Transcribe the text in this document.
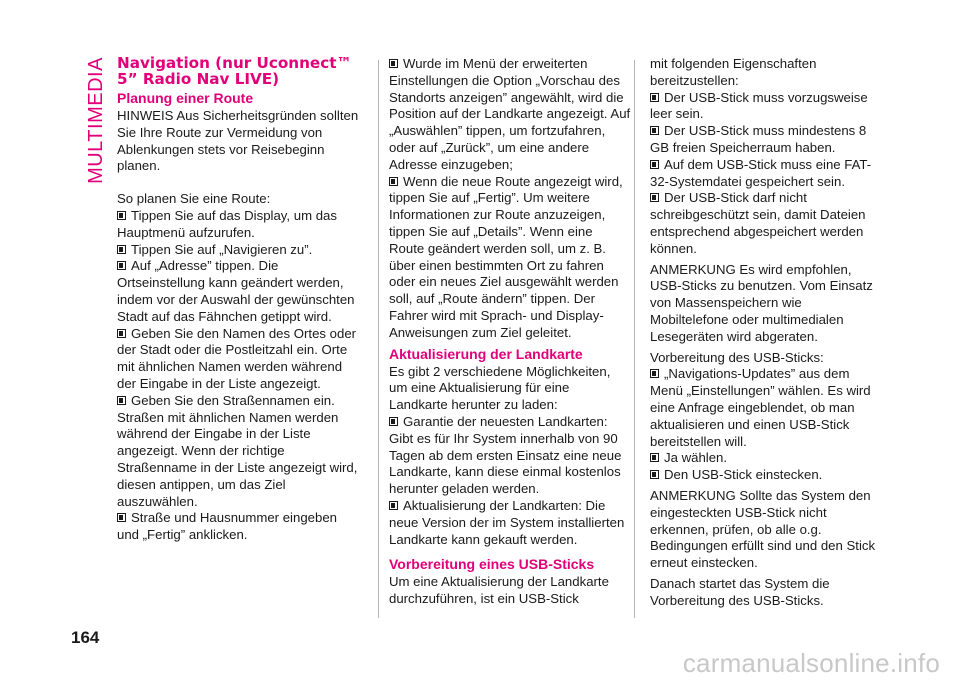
MULTIMEDIA Navigation (nur Uconnect™ 5” Radio Nav LIVE)
Planung einer Route

HINWEIS Aus Sicherheitsgründen sollten Sie Ihre Route zur Vermeidung von Ablenkungen stets vor Reisebeginn planen.

So planen Sie eine Route:

Tippen Sie auf das Display, um das Hauptmenü aufzurufen.

Tippen Sie auf „Navigieren zu”.

Auf „Adresse” tippen. Die Ortseinstellung kann geändert werden, indem vor der Auswahl der gewünschten Stadt auf das Fähnchen getippt wird.

Geben Sie den Namen des Ortes oder der Stadt oder die Postleitzahl ein. Orte mit ähnlichen Namen werden während der Eingabe in der Liste angezeigt.

Geben Sie den Straßennamen ein. Straßen mit ähnlichen Namen werden während der Eingabe in der Liste angezeigt. Wenn der richtige Straßenname in der Liste angezeigt wird, diesen antippen, um das Ziel auszuwählen.

Straße und Hausnummer eingeben und „Fertig” anklicken.

Wurde im Menü der erweiterten Einstellungen die Option „Vorschau des Standorts anzeigen” angewählt, wird die Position auf der Landkarte angezeigt. Auf „Auswählen” tippen, um fortzufahren, oder auf „Zurück”, um eine andere Adresse einzugeben;

Wenn die neue Route angezeigt wird, tippen Sie auf „Fertig”. Um weitere Informationen zur Route anzuzeigen, tippen Sie auf „Details”. Wenn eine Route geändert werden soll, um z. B. über einen bestimmten Ort zu fahren oder ein neues Ziel ausgewählt werden soll, auf „Route ändern” tippen. Der Fahrer wird mit Sprach- und Display-Anweisungen zum Ziel geleitet.

Aktualisierung der Landkarte

Es gibt 2 verschiedene Möglichkeiten, um eine Aktualisierung für eine Landkarte herunter zu laden:

Garantie der neuesten Landkarten: Gibt es für Ihr System innerhalb von 90 Tagen ab dem ersten Einsatz eine neue Landkarte, kann diese einmal kostenlos herunter geladen werden.

Aktualisierung der Landkarten: Die neue Version der im System installierten Landkarte kann gekauft werden.

Vorbereitung eines USB-Sticks

Um eine Aktualisierung der Landkarte durchzuführen, ist ein USB-Stick

mit folgenden Eigenschaften bereitzustellen:

Der USB-Stick muss vorzugsweise leer sein.

Der USB-Stick muss mindestens 8 GB freien Speicherraum haben.

Auf dem USB-Stick muss eine FAT-32-Systemdatei gespeichert sein.

Der USB-Stick darf nicht schreibgeschützt sein, damit Dateien entsprechend abgespeichert werden können.

ANMERKUNG Es wird empfohlen, USB-Sticks zu benutzen. Vom Einsatz von Massenspeichern wie Mobiltelefone oder multimedialen Lesegeräten wird abgeraten.

Vorbereitung des USB-Sticks:

„Navigations-Updates” aus dem Menü „Einstellungen” wählen. Es wird eine Anfrage eingeblendet, ob man aktualisieren und einen USB-Stick bereitstellen will.

Ja wählen.

Den USB-Stick einstecken.

ANMERKUNG Sollte das System den eingesteckten USB-Stick nicht erkennen, prüfen, ob alle o.g. Bedingungen erfüllt sind und den Stick erneut einstecken.

Danach startet das System die Vorbereitung des USB-Sticks.

164
carmanualsonline.info
